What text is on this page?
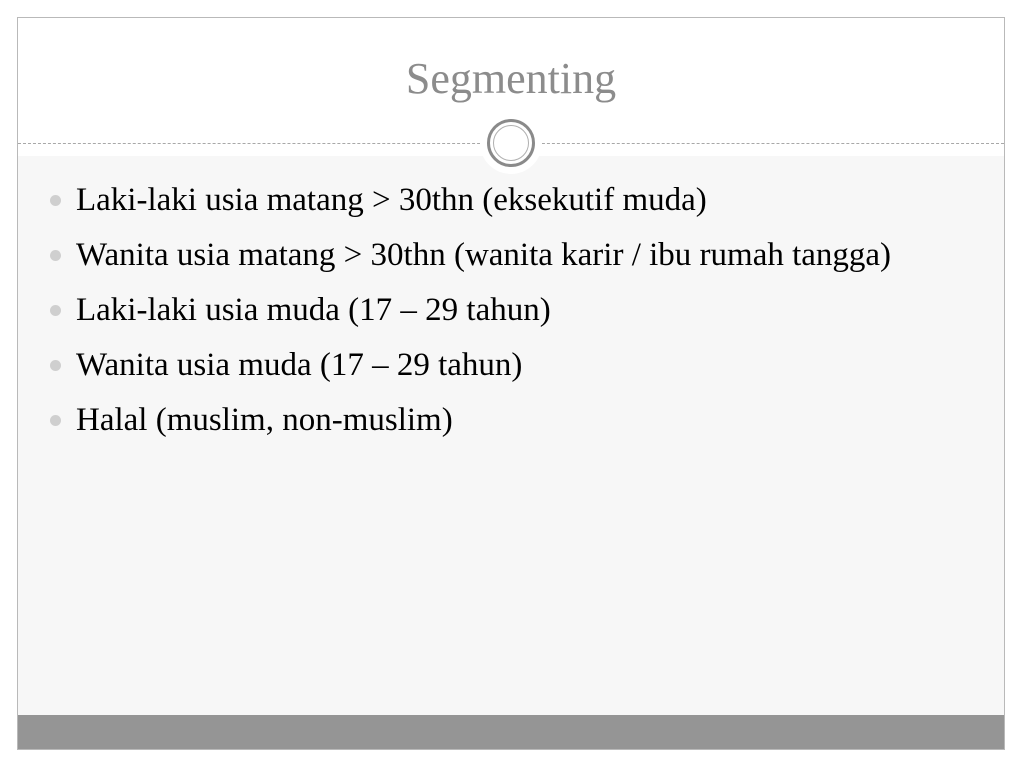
Segmenting
Laki-laki usia matang > 30thn (eksekutif muda)
Wanita usia matang > 30thn (wanita karir / ibu rumah tangga)
Laki-laki usia muda (17 – 29 tahun)
Wanita usia muda (17 – 29 tahun)
Halal (muslim, non-muslim)
